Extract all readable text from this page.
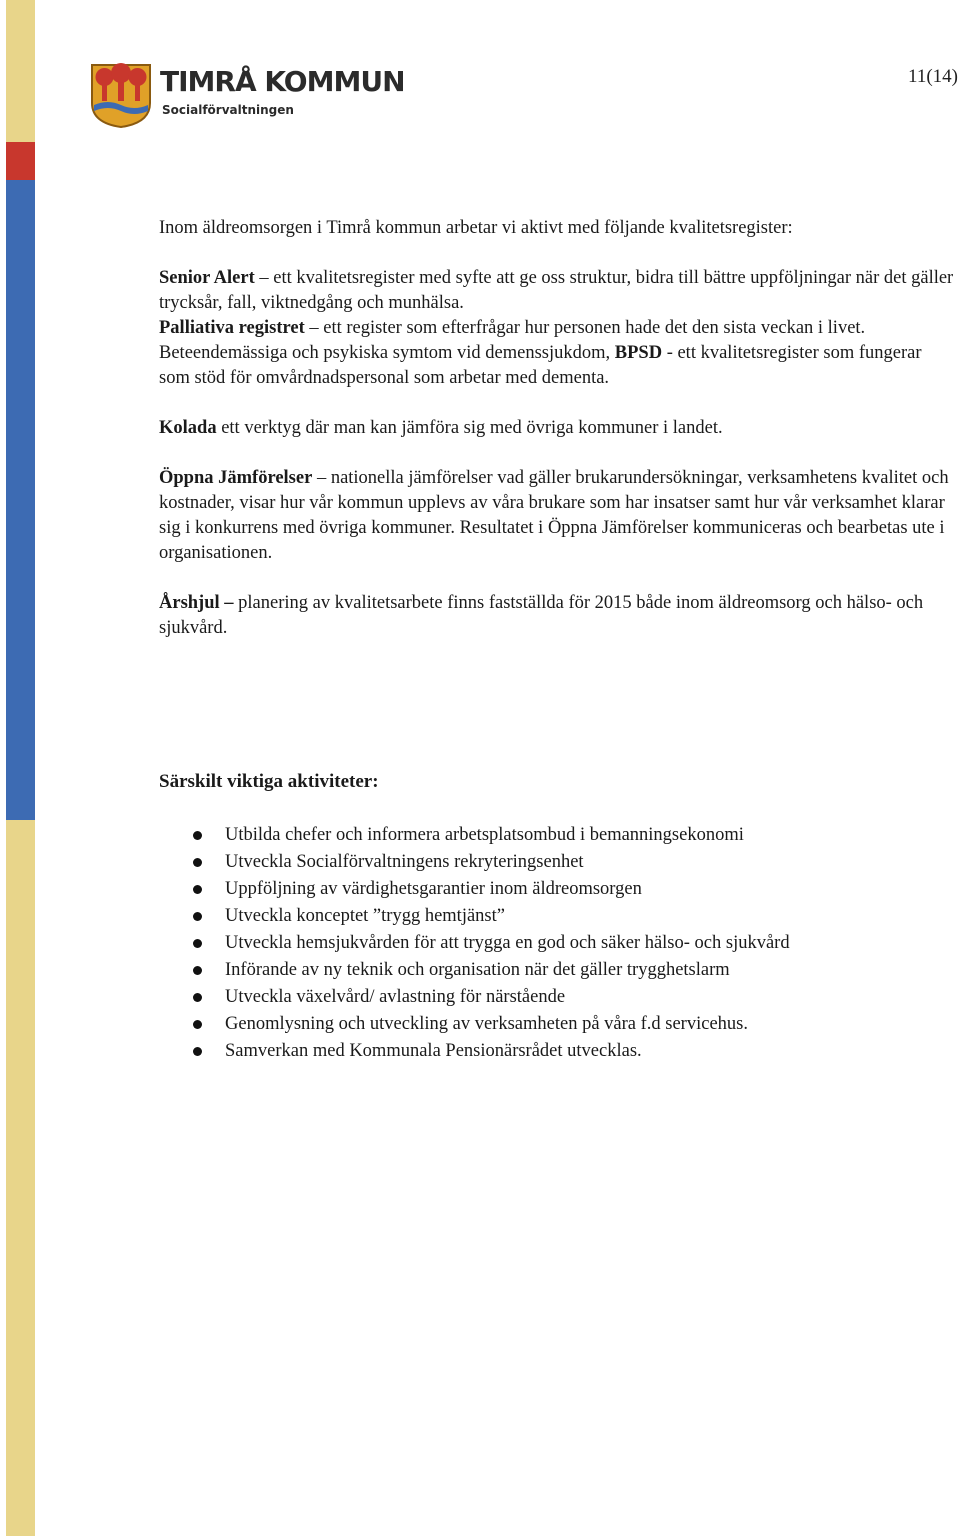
TIMRÅ KOMMUN
Socialförvaltningen
11(14)

Inom äldreomsorgen i Timrå kommun arbetar vi aktivt med följande kvalitetsregister:

Senior Alert – ett kvalitetsregister med syfte att ge oss struktur, bidra till bättre uppföljningar när det gäller trycksår, fall, viktnedgång och munhälsa.

Palliativa registret – ett register som efterfrågar hur personen hade det den sista veckan i livet.

Beteendemässiga och psykiska symtom vid demenssjukdom, BPSD - ett kvalitetsregister som fungerar som stöd för omvårdnadspersonal som arbetar med dementa.

Kolada ett verktyg där man kan jämföra sig med övriga kommuner i landet.

Öppna Jämförelser – nationella jämförelser vad gäller brukarundersökningar, verksamhetens kvalitet och kostnader, visar hur vår kommun upplevs av våra brukare som har insatser samt hur vår verksamhet klarar sig i konkurrens med övriga kommuner. Resultatet i Öppna Jämförelser kommuniceras och bearbetas ute i organisationen.

Årshjul – planering av kvalitetsarbete finns fastställda för 2015 både inom äldreomsorg och hälso- och sjukvård.

Särskilt viktiga aktiviteter:
Utbilda chefer och informera arbetsplatsombud i bemanningsekonomi
Utveckla Socialförvaltningens rekryteringsenhet
Uppföljning av värdighetsgarantier inom äldreomsorgen
Utveckla konceptet ”trygg hemtjänst”
Utveckla hemsjukvården för att trygga en god och säker hälso- och sjukvård
Införande av ny teknik och organisation när det gäller trygghetslarm
Utveckla växelvård/ avlastning för närstående
Genomlysning och utveckling av verksamheten på våra f.d servicehus.
Samverkan med Kommunala Pensionärsrådet utvecklas.
